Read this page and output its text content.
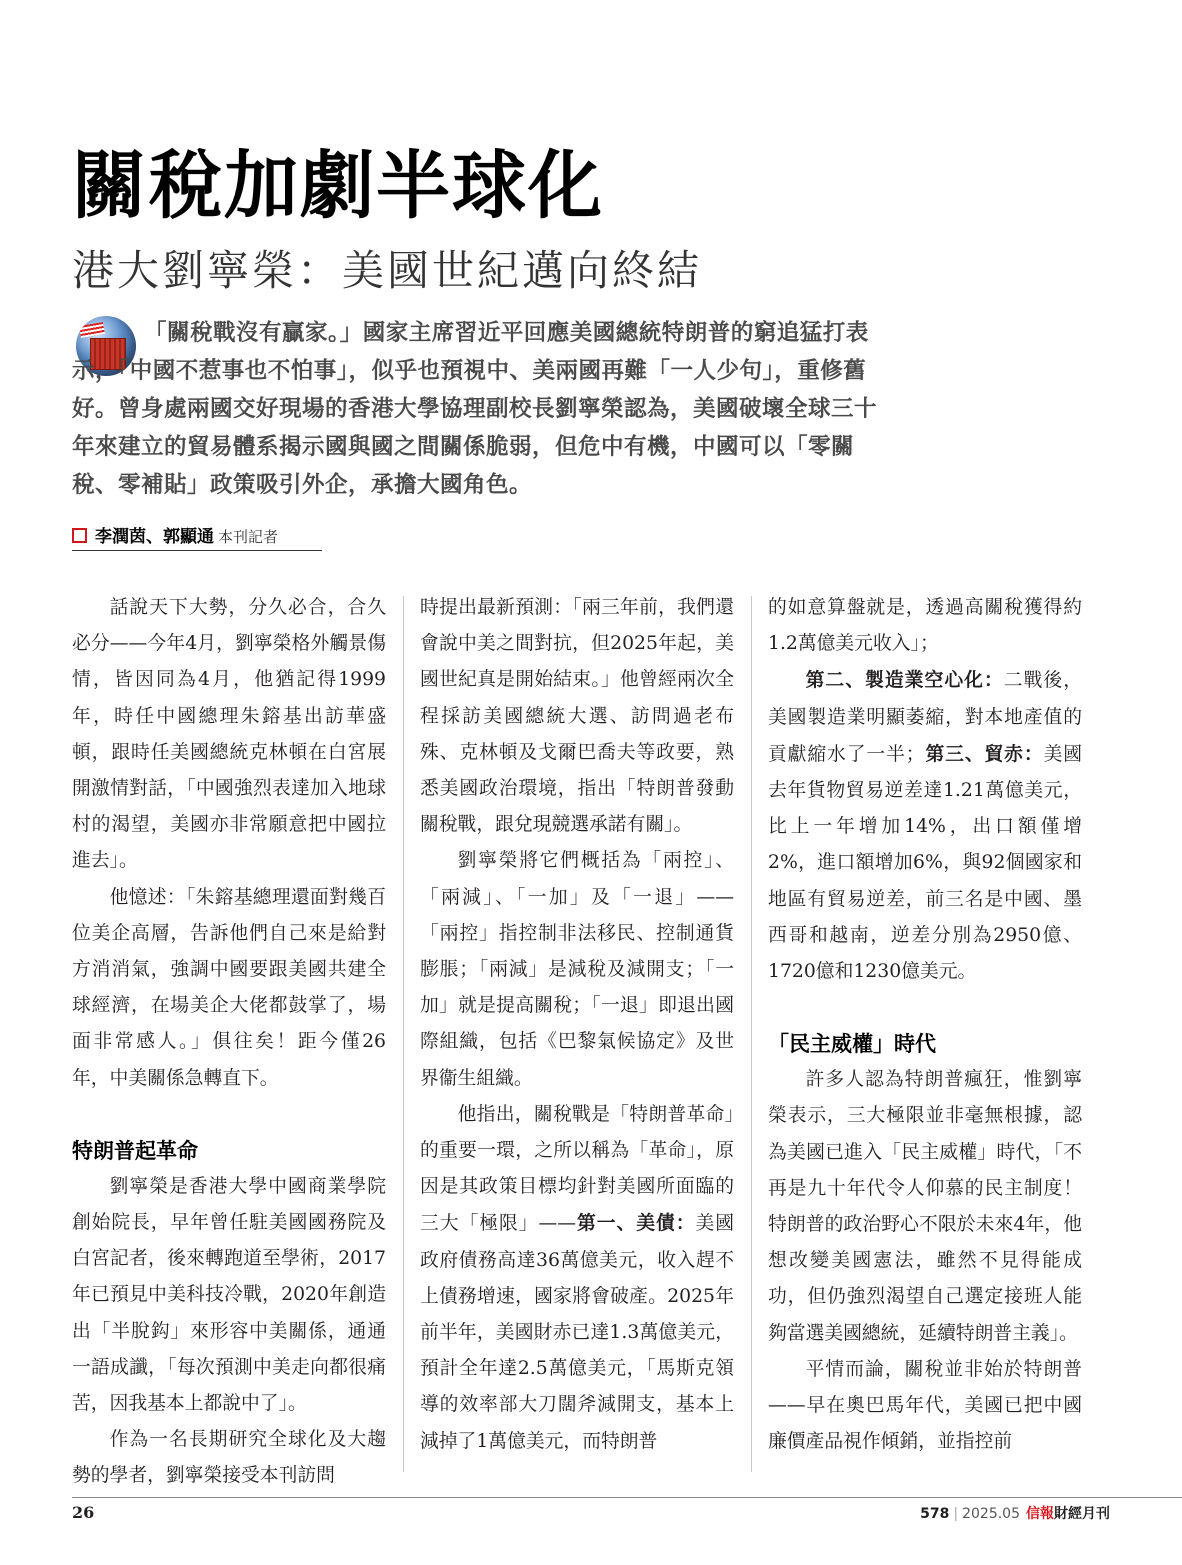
關稅加劇半球化
港大劉寧榮：美國世紀邁向終結

「關稅戰沒有贏家。」國家主席習近平回應美國總統特朗普的窮追猛打表示，「中國不惹事也不怕事」，似乎也預視中、美兩國再難「一人少句」，重修舊好。曾身處兩國交好現場的香港大學協理副校長劉寧榮認為，美國破壞全球三十年來建立的貿易體系揭示國與國之間關係脆弱，但危中有機，中國可以「零關稅、零補貼」政策吸引外企，承擔大國角色。

李潤茵、郭顯通 本刊記者

話說天下大勢，分久必合，合久必分——今年4月，劉寧榮格外觸景傷情，皆因同為4月，他猶記得1999年，時任中國總理朱鎔基出訪華盛頓，跟時任美國總統克林頓在白宮展開激情對話，「中國強烈表達加入地球村的渴望，美國亦非常願意把中國拉進去」。

他憶述：「朱鎔基總理還面對幾百位美企高層，告訴他們自己來是給對方消消氣，強調中國要跟美國共建全球經濟，在場美企大佬都鼓掌了，場面非常感人。」俱往矣！距今僅26年，中美關係急轉直下。

特朗普起革命

劉寧榮是香港大學中國商業學院創始院長，早年曾任駐美國國務院及白宮記者，後來轉跑道至學術，2017年已預見中美科技冷戰，2020年創造出「半脫鈎」來形容中美關係，通通一語成讖，「每次預測中美走向都很痛苦，因我基本上都說中了」。

作為一名長期研究全球化及大趨勢的學者，劉寧榮接受本刊訪問

時提出最新預測：「兩三年前，我們還會說中美之間對抗，但2025年起，美國世紀真是開始結束。」他曾經兩次全程採訪美國總統大選、訪問過老布殊、克林頓及戈爾巴喬夫等政要，熟悉美國政治環境，指出「特朗普發動關稅戰，跟兌現競選承諾有關」。

劉寧榮將它們概括為「兩控」、「兩減」、「一加」及「一退」——「兩控」指控制非法移民、控制通貨膨脹；「兩減」是減稅及減開支；「一加」就是提高關稅；「一退」即退出國際組織，包括《巴黎氣候協定》及世界衞生組織。

他指出，關稅戰是「特朗普革命」的重要一環，之所以稱為「革命」，原因是其政策目標均針對美國所面臨的三大「極限」——第一、美債：美國政府債務高達36萬億美元，收入趕不上債務增速，國家將會破產。2025年前半年，美國財赤已達1.3萬億美元，預計全年達2.5萬億美元，「馬斯克領導的效率部大刀闊斧減開支，基本上減掉了1萬億美元，而特朗普

的如意算盤就是，透過高關稅獲得約1.2萬億美元收入」；

第二、製造業空心化：二戰後，美國製造業明顯萎縮，對本地產值的貢獻縮水了一半；第三、貿赤：美國去年貨物貿易逆差達1.21萬億美元，比上一年增加14%，出口額僅增2%，進口額增加6%，與92個國家和地區有貿易逆差，前三名是中國、墨西哥和越南，逆差分別為2950億、1720億和1230億美元。

「民主威權」時代

許多人認為特朗普瘋狂，惟劉寧榮表示，三大極限並非毫無根據，認為美國已進入「民主威權」時代，「不再是九十年代令人仰慕的民主制度！特朗普的政治野心不限於未來4年，他想改變美國憲法，雖然不見得能成功，但仍強烈渴望自己選定接班人能夠當選美國總統，延續特朗普主義」。

平情而論，關稅並非始於特朗普——早在奧巴馬年代，美國已把中國廉價產品視作傾銷，並指控前

26	578 | 2025.05 信報財經月刊
